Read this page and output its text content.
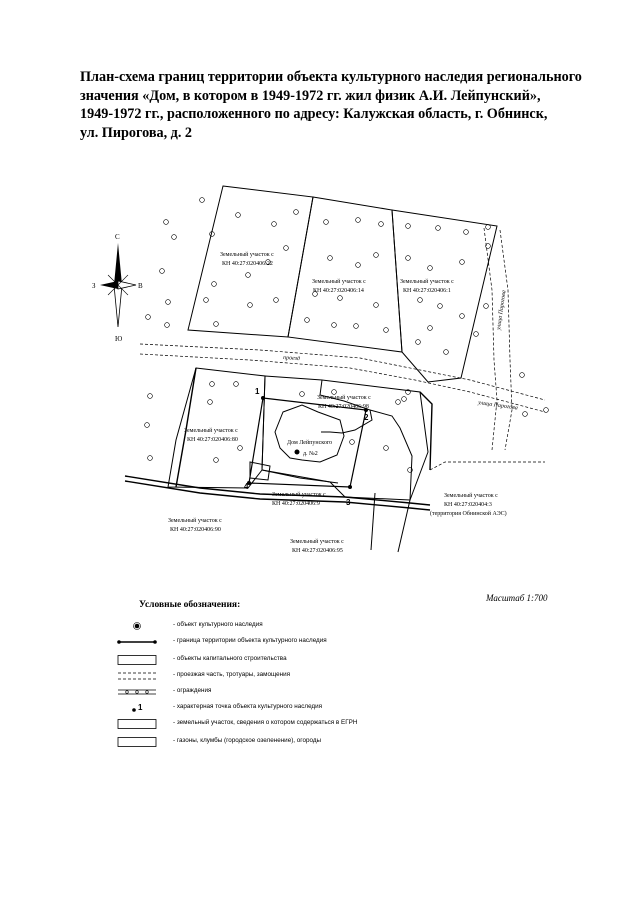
План-схема границ территории объекта культурного наследия регионального
значения «Дом, в котором в 1949-1972 гг. жил физик А.И. Лейпунский»,
1949-1972 гг., расположенного по адресу: Калужская область, г. Обнинск,
ул. Пирогова, д. 2
1
2
3
4
С
Ю
З	В
Земельный участок с
КН 40:27:020406:22
Земельный участок с
КН 40:27:020406:14
Земельный участок с
КН 40:27:020406:1
Земельный участок с
КН 40:27:020406:98
Земельный участок с
КН 40:27:020406:80
Земельный участок с
КН 40:27:020406:9
Земельный участок с
КН 40:27:020406:90
Земельный участок с
КН 40:27:020406:95
Земельный участок с
КН 40:27:020404:3
(территория Обнинской АЭС)
Дом Лейпунского
д. №2
проезд
улица Пирогова
улица Пирогова
Масштаб 1:700
Условные обозначения:
- объект культурного наследия
- граница территории объекта культурного наследия
- объекты капитального строительства
- проезжая часть, тротуары, замощения
- ограждения
1	- характерная точка объекта культурного наследия
- земельный участок, сведения о котором содержаться в ЕГРН
- газоны, клумбы (городское озеленение), огороды
